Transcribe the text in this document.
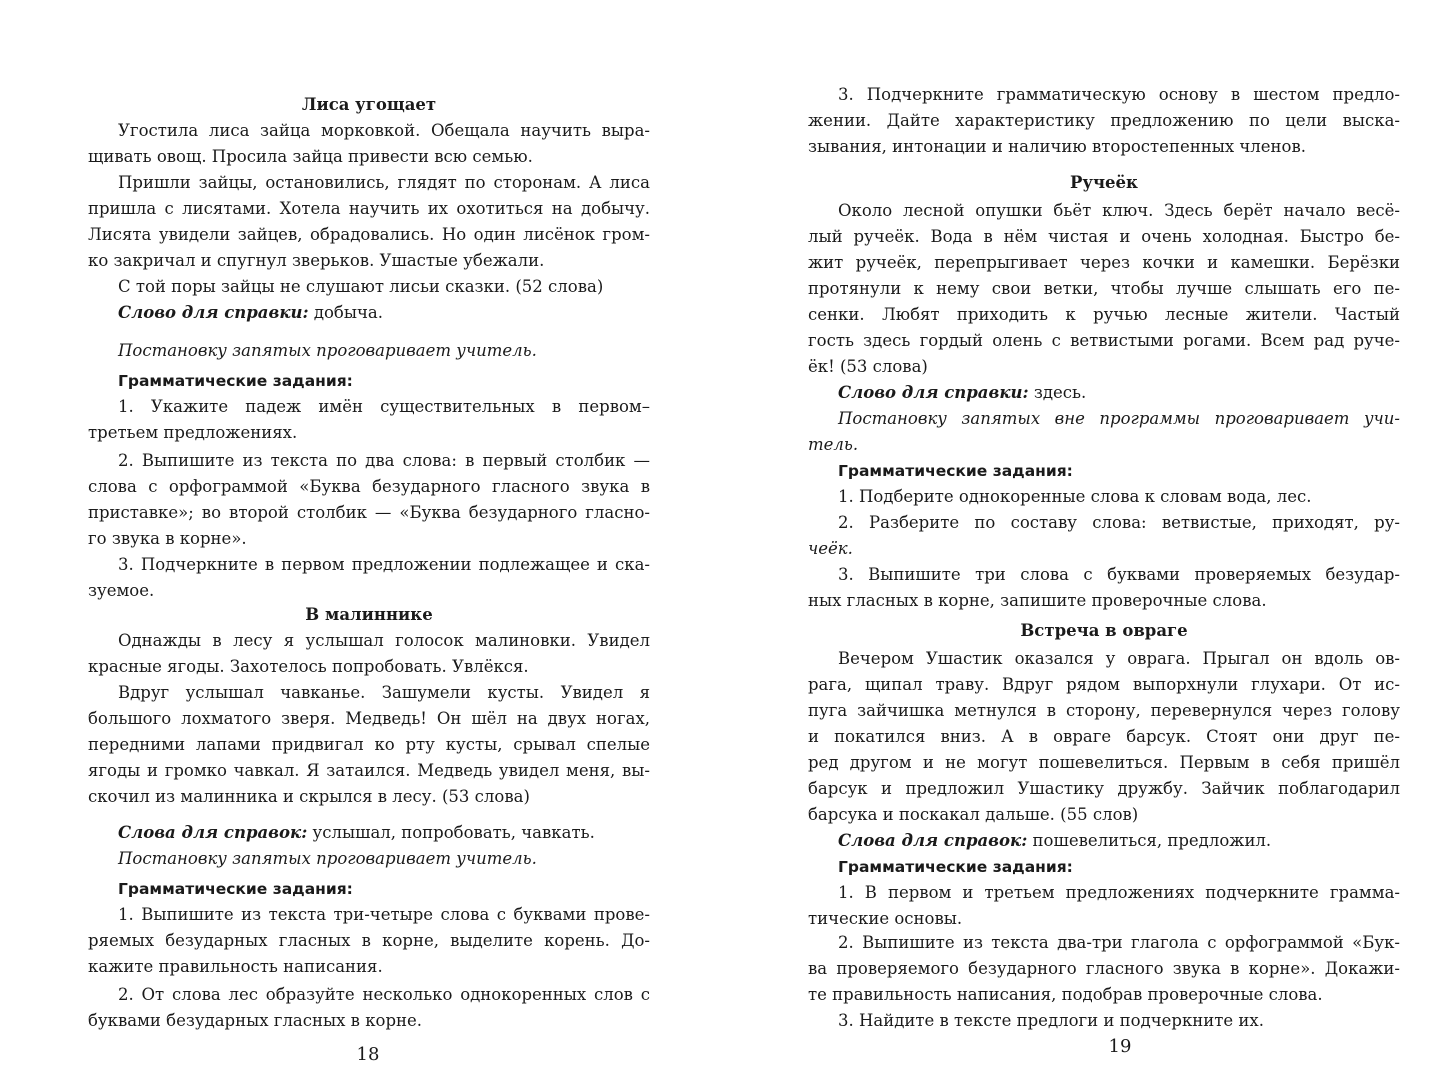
Лиса угощает
Угостила лиса зайца морковкой. Обещала научить выра-
щивать овощ. Просила зайца привести всю семью.
Пришли зайцы, остановились, глядят по сторонам. А лиса
пришла с лисятами. Хотела научить их охотиться на добычу.
Лисята увидели зайцев, обрадовались. Но один лисёнок гром-
ко закричал и спугнул зверьков. Ушастые убежали.
С той поры зайцы не слушают лисьи сказки. (52 слова)
Слово для справки: добыча.
Постановку запятых проговаривает учитель.
Грамматические задания:
1. Укажите падеж имён существительных в первом–
третьем предложениях.
2. Выпишите из текста по два слова: в первый столбик —
слова с орфограммой «Буква безударного гласного звука в
приставке»; во второй столбик — «Буква безударного гласно-
го звука в корне».
3. Подчеркните в первом предложении подлежащее и ска-
зуемое.
В малиннике
Однажды в лесу я услышал голосок малиновки. Увидел
красные ягоды. Захотелось попробовать. Увлёкся.
Вдруг услышал чавканье. Зашумели кусты. Увидел я
большого лохматого зверя. Медведь! Он шёл на двух ногах,
передними лапами придвигал ко рту кусты, срывал спелые
ягоды и громко чавкал. Я затаился. Медведь увидел меня, вы-
скочил из малинника и скрылся в лесу. (53 слова)
Слова для справок: услышал, попробовать, чавкать.
Постановку запятых проговаривает учитель.
Грамматические задания:
1. Выпишите из текста три-четыре слова с буквами прове-
ряемых безударных гласных в корне, выделите корень. До-
кажите правильность написания.
2. От слова лес образуйте несколько однокоренных слов с
буквами безударных гласных в корне.
18
3. Подчеркните грамматическую основу в шестом предло-
жении. Дайте характеристику предложению по цели выска-
зывания, интонации и наличию второстепенных членов.
Ручеёк
Около лесной опушки бьёт ключ. Здесь берёт начало весё-
лый ручеёк. Вода в нём чистая и очень холодная. Быстро бе-
жит ручеёк, перепрыгивает через кочки и камешки. Берёзки
протянули к нему свои ветки, чтобы лучше слышать его пе-
сенки. Любят приходить к ручью лесные жители. Частый
гость здесь гордый олень с ветвистыми рогами. Всем рад руче-
ёк! (53 слова)
Слово для справки: здесь.
Постановку запятых вне программы проговаривает учи-
тель.
Грамматические задания:
1. Подберите однокоренные слова к словам вода, лес.
2. Разберите по составу слова: ветвистые, приходят, ру-
чеёк.
3. Выпишите три слова с буквами проверяемых безудар-
ных гласных в корне, запишите проверочные слова.
Встреча в овраге
Вечером Ушастик оказался у оврага. Прыгал он вдоль ов-
рага, щипал траву. Вдруг рядом выпорхнули глухари. От ис-
пуга зайчишка метнулся в сторону, перевернулся через голову
и покатился вниз. А в овраге барсук. Стоят они друг пе-
ред другом и не могут пошевелиться. Первым в себя пришёл
барсук и предложил Ушастику дружбу. Зайчик поблагодарил
барсука и поскакал дальше. (55 слов)
Слова для справок: пошевелиться, предложил.
Грамматические задания:
1. В первом и третьем предложениях подчеркните грамма-
тические основы.
2. Выпишите из текста два-три глагола с орфограммой «Бук-
ва проверяемого безударного гласного звука в корне». Докажи-
те правильность написания, подобрав проверочные слова.
3. Найдите в тексте предлоги и подчеркните их.
19
